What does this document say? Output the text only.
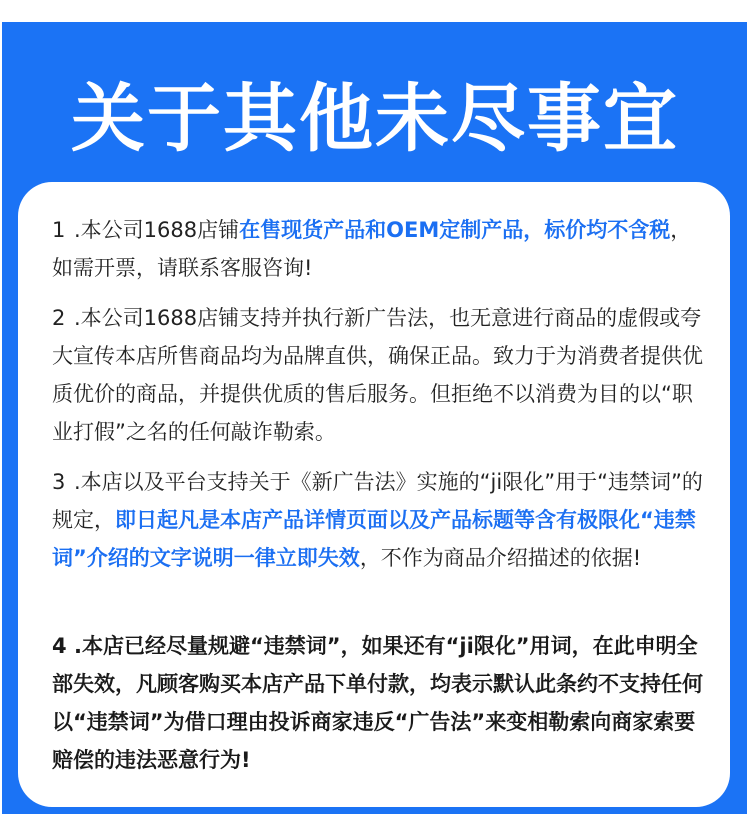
关于其他未尽事宜

1 .本公司1688店铺在售现货产品和OEM定制产品，标价均不含税，如需开票，请联系客服咨询!

2 .本公司1688店铺支持并执行新广告法，也无意进行商品的虚假或夸大宣传本店所售商品均为品牌直供，确保正品。致力于为消费者提供优质优价的商品，并提供优质的售后服务。但拒绝不以消费为目的以“职业打假”之名的任何敲诈勒索。

3 .本店以及平台支持关于《新广告法》实施的“ji限化”用于“违禁词”的规定，即日起凡是本店产品详情页面以及产品标题等含有极限化“违禁词”介绍的文字说明一律立即失效，不作为商品介绍描述的依据!

4 .本店已经尽量规避“违禁词”，如果还有“ji限化”用词，在此申明全部失效，凡顾客购买本店产品下单付款，均表示默认此条约不支持任何以“违禁词”为借口理由投诉商家违反“广告法”来变相勒索向商家索要赔偿的违法恶意行为!
